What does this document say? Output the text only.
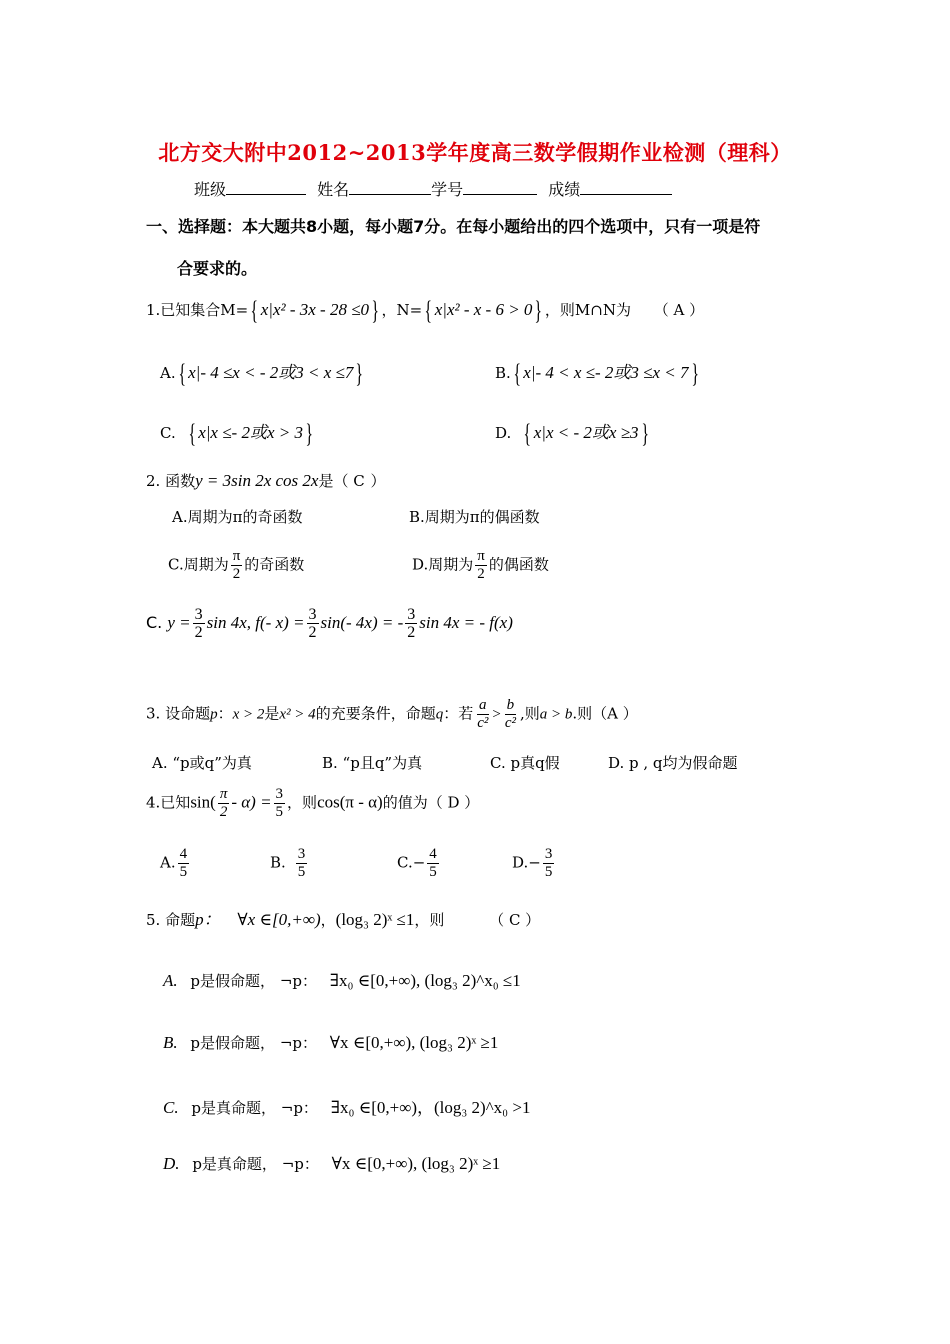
北方交大附中2012~2013学年度高三数学假期作业检测（理科）
班级	姓名	学号	成绩
一、选择题：本大题共8小题，每小题7分。在每小题给出的四个选项中，只有一项是符
合要求的。
1.已知集合M={ x|x² - 3x - 28 ≤0} ，N={ x|x² - x - 6 > 0} ，则M∩N为 （ A ）
A.{ x|- 4 ≤x < - 2或3 < x ≤7}	B.{ x|- 4 < x ≤- 2或3 ≤x < 7}
C. { x|x ≤- 2或x > 3}	D. { x|x < - 2或x ≥3}
2. 函数y = 3sin 2x cos 2x是（ C ）
A.周期为π的奇函数	B.周期为π的偶函数
C.周期为 $\frac{\pi}{2}$ 的奇函数	D.周期为 $\frac{\pi}{2}$ 的偶函数
C. $y = \frac{3}{2}$ sin 4x, f(- $x) = \frac{3}{2} \sin(-$ 4x) = - $\frac{3}{2}$ sin 4x = - f(x)
3. 设命题p：x > 2是x² > 4的充要条件，命题q：若 $\frac{a}{\text{c²}} > \frac{b}{\text{c²}}$ ,则a > b.则（A ）
A. “p或q”为真	B. “p且q”为真	C. p真q假	D. p , q均为假命题
4.已知$\sin( \frac{\pi}{2} - \alpha) = \frac{3}{5}$ ，则cos(π - α)的值为（ D ）
A. $\frac{4}{5}$	B. $\frac{3}{5}$	$C.- \frac{4}{5}$	$D.- \frac{3}{5}$
5. 命题p： ∀x ∈[0,+∞)，(log₃ 2)ˣ ≤1，则	（ C ）
A. p是假命题， ¬p： ∃x₀ ∈[0,+∞), (log₃ 2)^x₀ ≤1
B. p是假命题， ¬p： ∀x ∈[0,+∞), (log₃ 2)ˣ ≥1
C. p是真命题， ¬p： ∃x₀ ∈[0,+∞)，(log₃ 2)^x₀ >1
D. p是真命题， ¬p： ∀x ∈[0,+∞), (log₃ 2)ˣ ≥1
